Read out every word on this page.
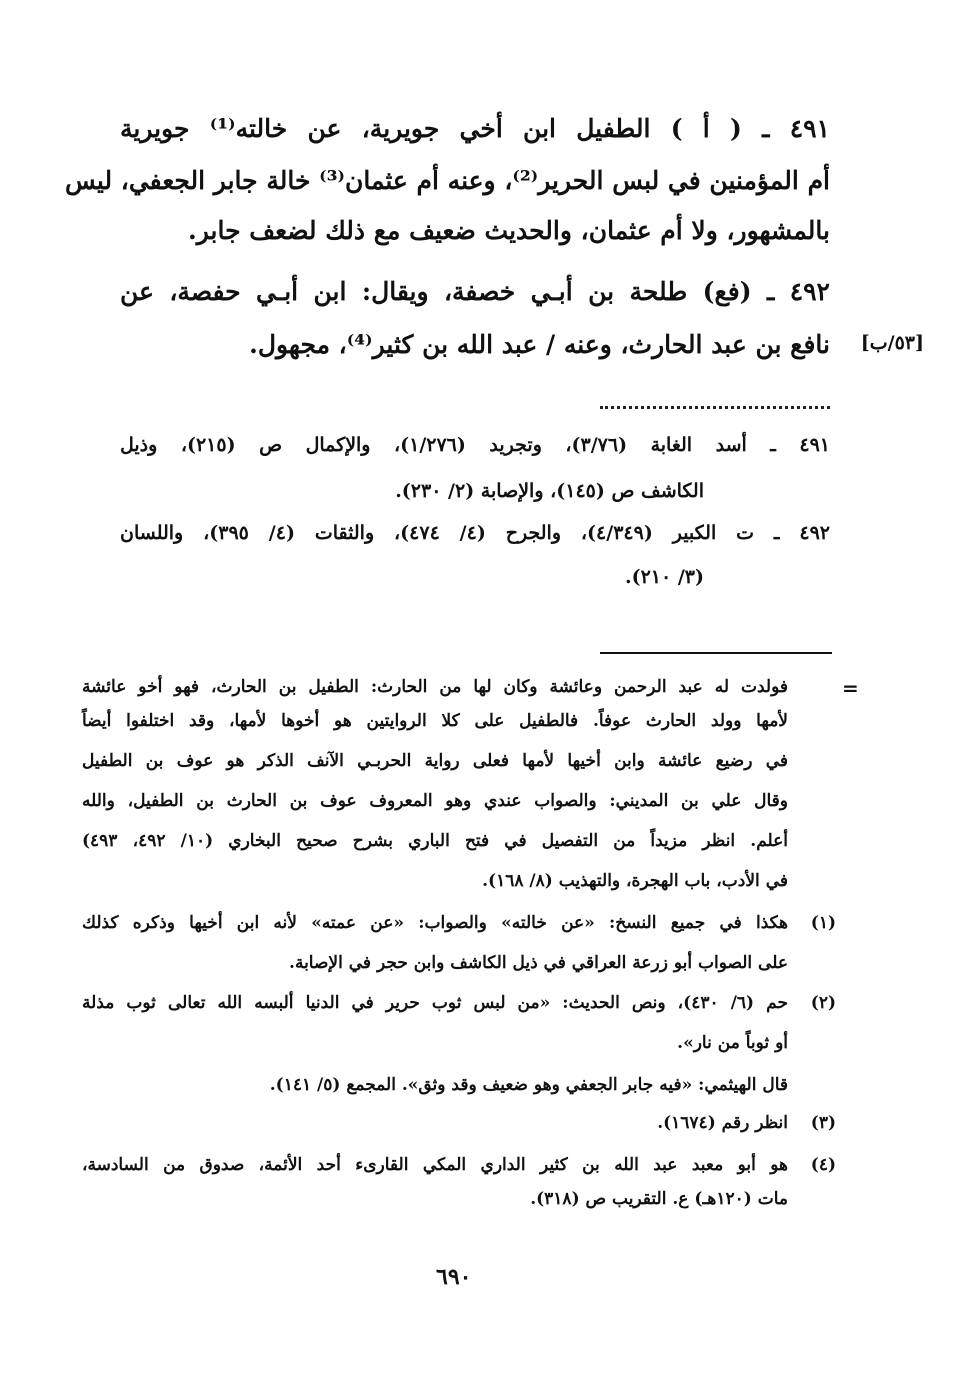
٤٩١ ـ ( أ ) الطفيل ابن أخي جويرية، عن خالته⁽¹⁾ جويرية
أم المؤمنين في لبس الحرير⁽²⁾، وعنه أم عثمان⁽³⁾ خالة جابر الجعفي، ليس
بالمشهور، ولا أم عثمان، والحديث ضعيف مع ذلك لضعف جابر.
٤٩٢ ـ (فع) طلحة بن أبـي خصفة، ويقال: ابن أبـي حفصة، عن
نافع بن عبد الحارث، وعنه / عبد الله بن كثير⁽⁴⁾، مجهول. [٥٣/ب]
٤٩١ ـ أسد الغابة (٣/٧٦)، وتجريد (١/٢٧٦)، والإكمال ص (٢١٥)، وذيل
الكاشف ص (١٤٥)، والإصابة (٢/ ٢٣٠).
٤٩٢ ـ ت الكبير (٤/٣٤٩)، والجرح (٤/ ٤٧٤)، والثقات (٤/ ٣٩٥)، واللسان
(٣/ ٢١٠).
=
فولدت له عبد الرحمن وعائشة وكان لها من الحارث: الطفيل بن الحارث، فهو أخو عائشة
لأمها وولد الحارث عوفاً. فالطفيل على كلا الروايتين هو أخوها لأمها، وقد اختلفوا أيضاً
في رضيع عائشة وابن أخيها لأمها فعلى رواية الحربـي الآنف الذكر هو عوف بن الطفيل
وقال علي بن المديني: والصواب عندي وهو المعروف عوف بن الحارث بن الطفيل، والله
أعلم. انظر مزيداً من التفصيل في فتح الباري بشرح صحيح البخاري (١٠/ ٤٩٢، ٤٩٣)
في الأدب، باب الهجرة، والتهذيب (٨/ ١٦٨).
(١)
هكذا في جميع النسخ: «عن خالته» والصواب: «عن عمته» لأنه ابن أخيها وذكره كذلك
على الصواب أبو زرعة العراقي في ذيل الكاشف وابن حجر في الإصابة.
(٢)
حم (٦/ ٤٣٠)، ونص الحديث: «من لبس ثوب حرير في الدنيا ألبسه الله تعالى ثوب مذلة
أو ثوباً من نار».
قال الهيثمي: «فيه جابر الجعفي وهو ضعيف وقد وثق». المجمع (٥/ ١٤١).
(٣)
انظر رقم (١٦٧٤).
(٤)
هو أبو معبد عبد الله بن كثير الداري المكي القارىء أحد الأئمة، صدوق من السادسة،
مات (١٢٠هـ) ع. التقريب ص (٣١٨).
٦٩٠
